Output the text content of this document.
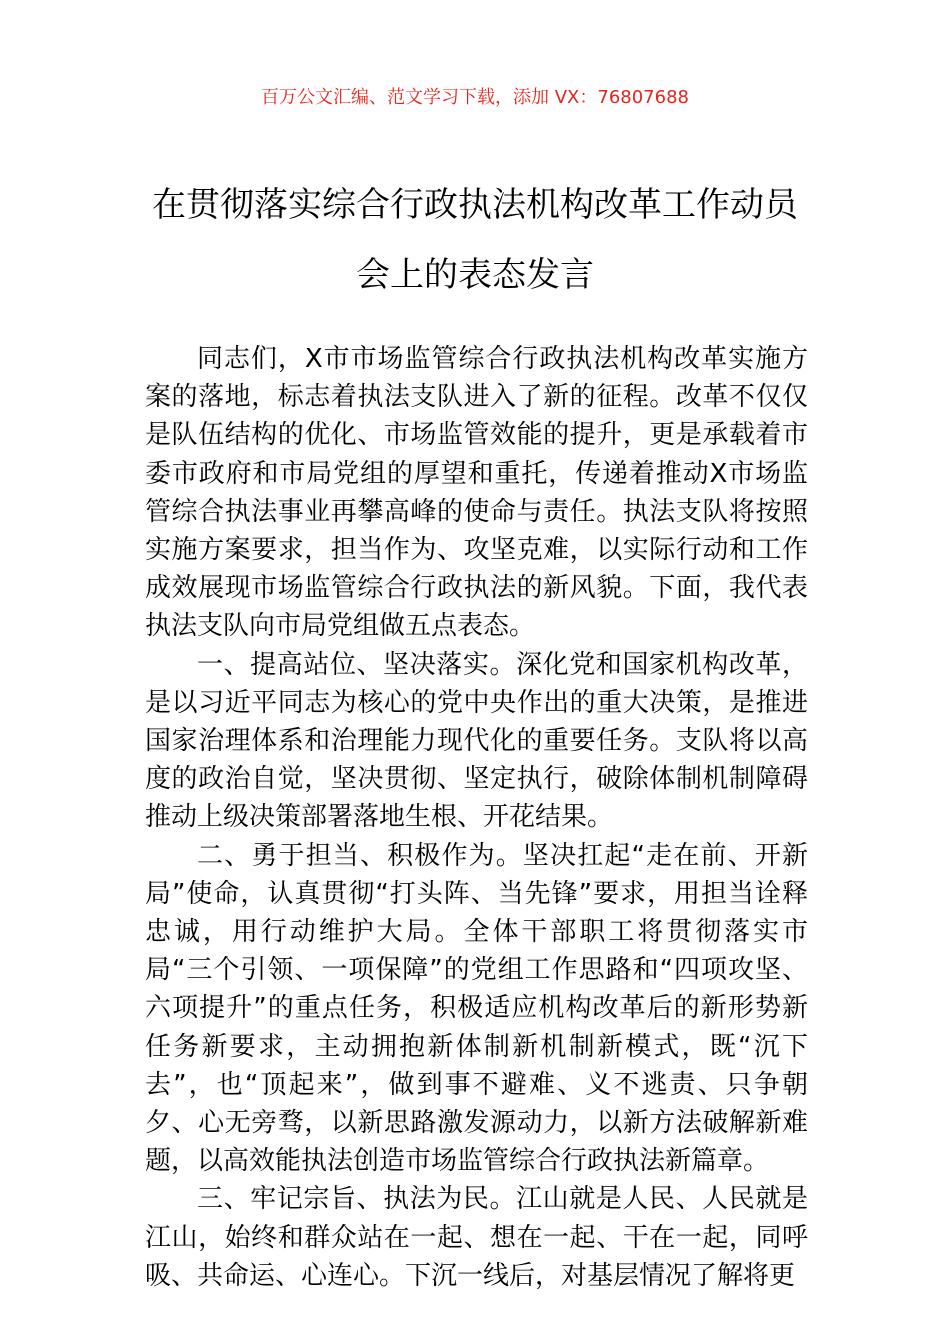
百万公文汇编、范文学习下载，添加 VX：76807688
在贯彻落实综合行政执法机构改革工作动员会上的表态发言

同志们，X市市场监管综合行政执法机构改革实施方案的落地，标志着执法支队进入了新的征程。改革不仅仅是队伍结构的优化、市场监管效能的提升，更是承载着市委市政府和市局党组的厚望和重托，传递着推动X市场监管综合执法事业再攀高峰的使命与责任。执法支队将按照实施方案要求，担当作为、攻坚克难，以实际行动和工作成效展现市场监管综合行政执法的新风貌。下面，我代表执法支队向市局党组做五点表态。

一、提高站位、坚决落实。深化党和国家机构改革，是以习近平同志为核心的党中央作出的重大决策，是推进国家治理体系和治理能力现代化的重要任务。支队将以高度的政治自觉，坚决贯彻、坚定执行，破除体制机制障碍推动上级决策部署落地生根、开花结果。

二、勇于担当、积极作为。坚决扛起“走在前、开新局”使命，认真贯彻“打头阵、当先锋”要求，用担当诠释忠诚，用行动维护大局。全体干部职工将贯彻落实市局“三个引领、一项保障”的党组工作思路和“四项攻坚、六项提升”的重点任务，积极适应机构改革后的新形势新任务新要求，主动拥抱新体制新机制新模式，既“沉下去”，也“顶起来”，做到事不避难、义不逃责、只争朝夕、心无旁骛，以新思路激发源动力，以新方法破解新难题，以高效能执法创造市场监管综合行政执法新篇章。

三、牢记宗旨、执法为民。江山就是人民、人民就是江山，始终和群众站在一起、想在一起、干在一起，同呼吸、共命运、心连心。下沉一线后，对基层情况了解将更
